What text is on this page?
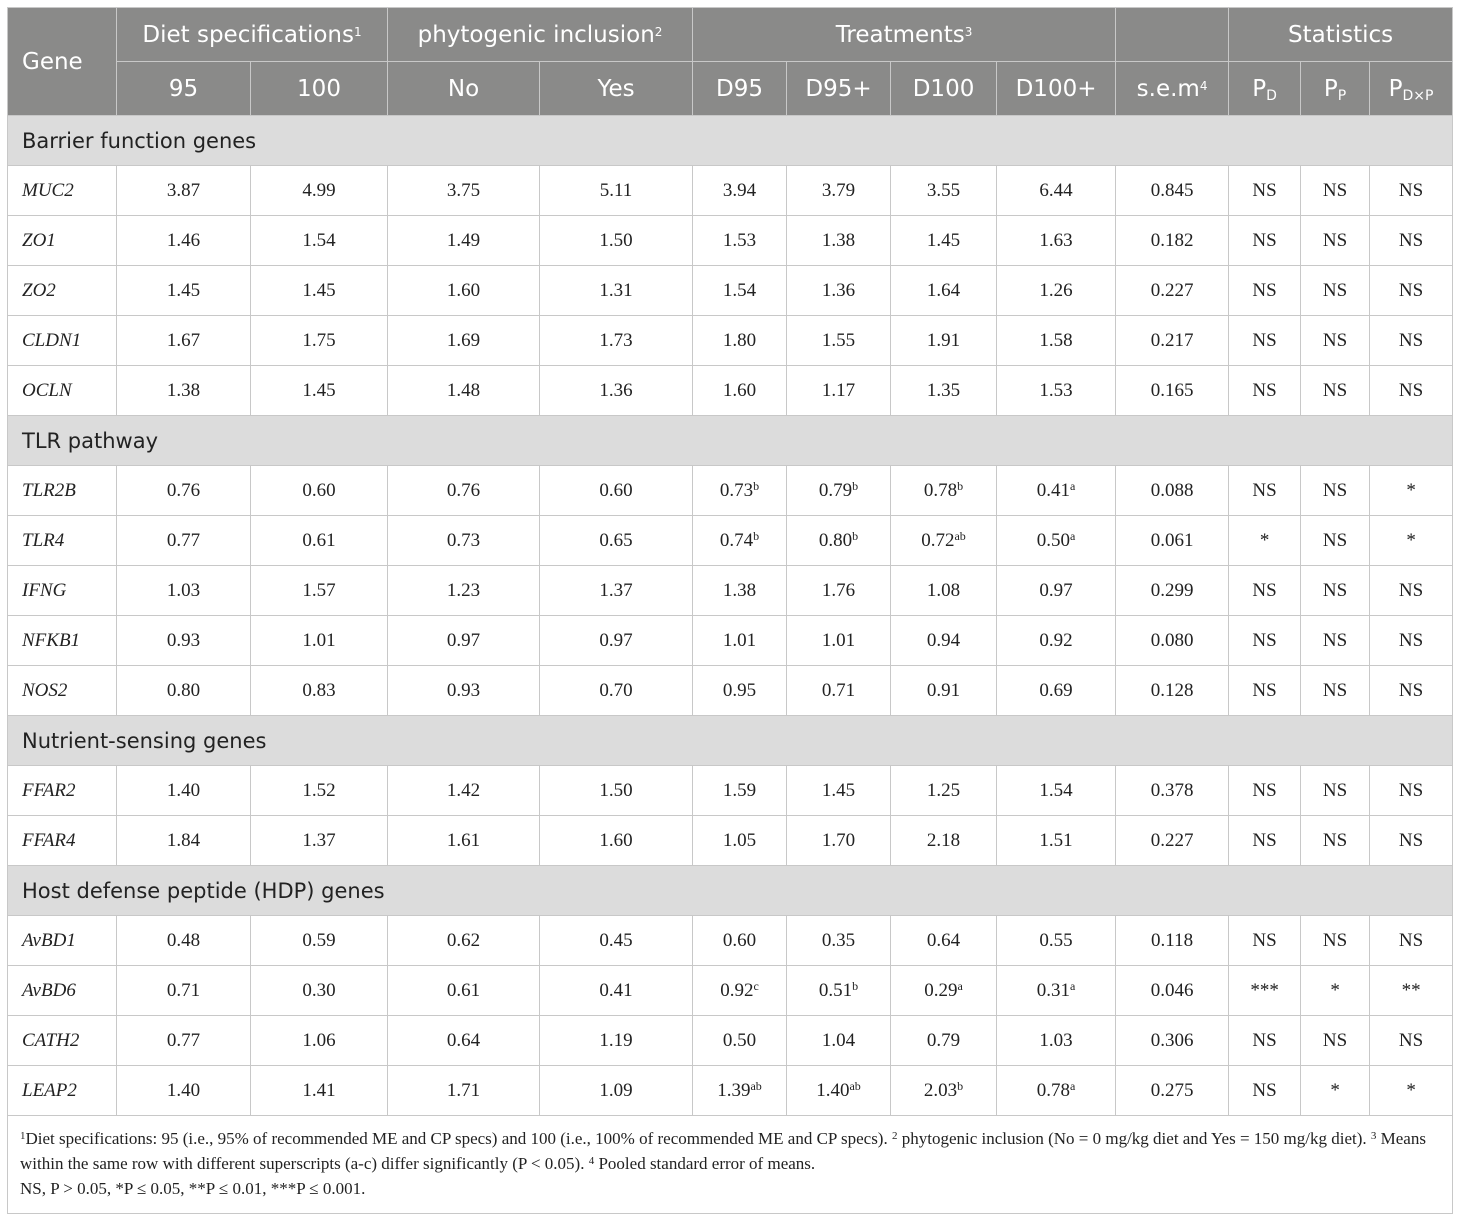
Gene	Diet specifications$^1$		phytogenic inclusion$^2$		Treatments$^3$					Statistics		
	95	100	No	Yes	D95	D95+	D100	D100+	$s.e.m^4$	$P_D$	$P_P$	$P_{D\times P}$
Barrier function genes												
MUC2	3.87	4.99	3.75	5.11	3.94	3.79	3.55	6.44	0.845	NS	NS	NS
ZO1	1.46	1.54	1.49	1.50	1.53	1.38	1.45	1.63	0.182	NS	NS	NS
ZO2	1.45	1.45	1.60	1.31	1.54	1.36	1.64	1.26	0.227	NS	NS	NS
CLDN1	1.67	1.75	1.69	1.73	1.80	1.55	1.91	1.58	0.217	NS	NS	NS
OCLN	1.38	1.45	1.48	1.36	1.60	1.17	1.35	1.53	0.165	NS	NS	NS
TLR pathway												
TLR2B	0.76	0.60	0.76	0.60	0.73$^b$	0.79$^b$	0.78$^b$	0.41$^a$	0.088	NS	NS	*
TLR4	0.77	0.61	0.73	0.65	0.74$^b$	0.80$^b$	0.72$^{ab}$	0.50$^a$	0.061	*	NS	*
IFNG	1.03	1.57	1.23	1.37	1.38	1.76	1.08	0.97	0.299	NS	NS	NS
NFKB1	0.93	1.01	0.97	0.97	1.01	1.01	0.94	0.92	0.080	NS	NS	NS
NOS2	0.80	0.83	0.93	0.70	0.95	0.71	0.91	0.69	0.128	NS	NS	NS
Nutrient-sensing genes												
FFAR2	1.40	1.52	1.42	1.50	1.59	1.45	1.25	1.54	0.378	NS	NS	NS
FFAR4	1.84	1.37	1.61	1.60	1.05	1.70	2.18	1.51	0.227	NS	NS	NS
Host defense peptide (HDP) genes												
AvBD1	0.48	0.59	0.62	0.45	0.60	0.35	0.64	0.55	0.118	NS	NS	NS
AvBD6	0.71	0.30	0.61	0.41	0.92$^c$	0.51$^b$	0.29$^a$	0.31$^a$	0.046	***	*	**
CATH2	0.77	1.06	0.64	1.19	0.50	1.04	0.79	1.03	0.306	NS	NS	NS
LEAP2	1.40	1.41	1.71	1.09	1.39$^{ab}$	1.40$^{ab}$	2.03$^b$	0.78$^a$	0.275	NS	*	*
$^1$Diet specifications: 95 (i.e., 95% of recommended ME and CP specs) and 100 (i.e., 100% of recommended ME and CP specs). $^2$ phytogenic inclusion (No = 0 mg/kg diet and Yes = 150 mg/kg diet). $^3$ Means within the same row with different superscripts (a-c) differ significantly (P < 0.05). $^4$ Pooled standard error of means.
NS, P > 0.05, *P ≤ 0.05, **P ≤ 0.01, ***P ≤ 0.001.												
